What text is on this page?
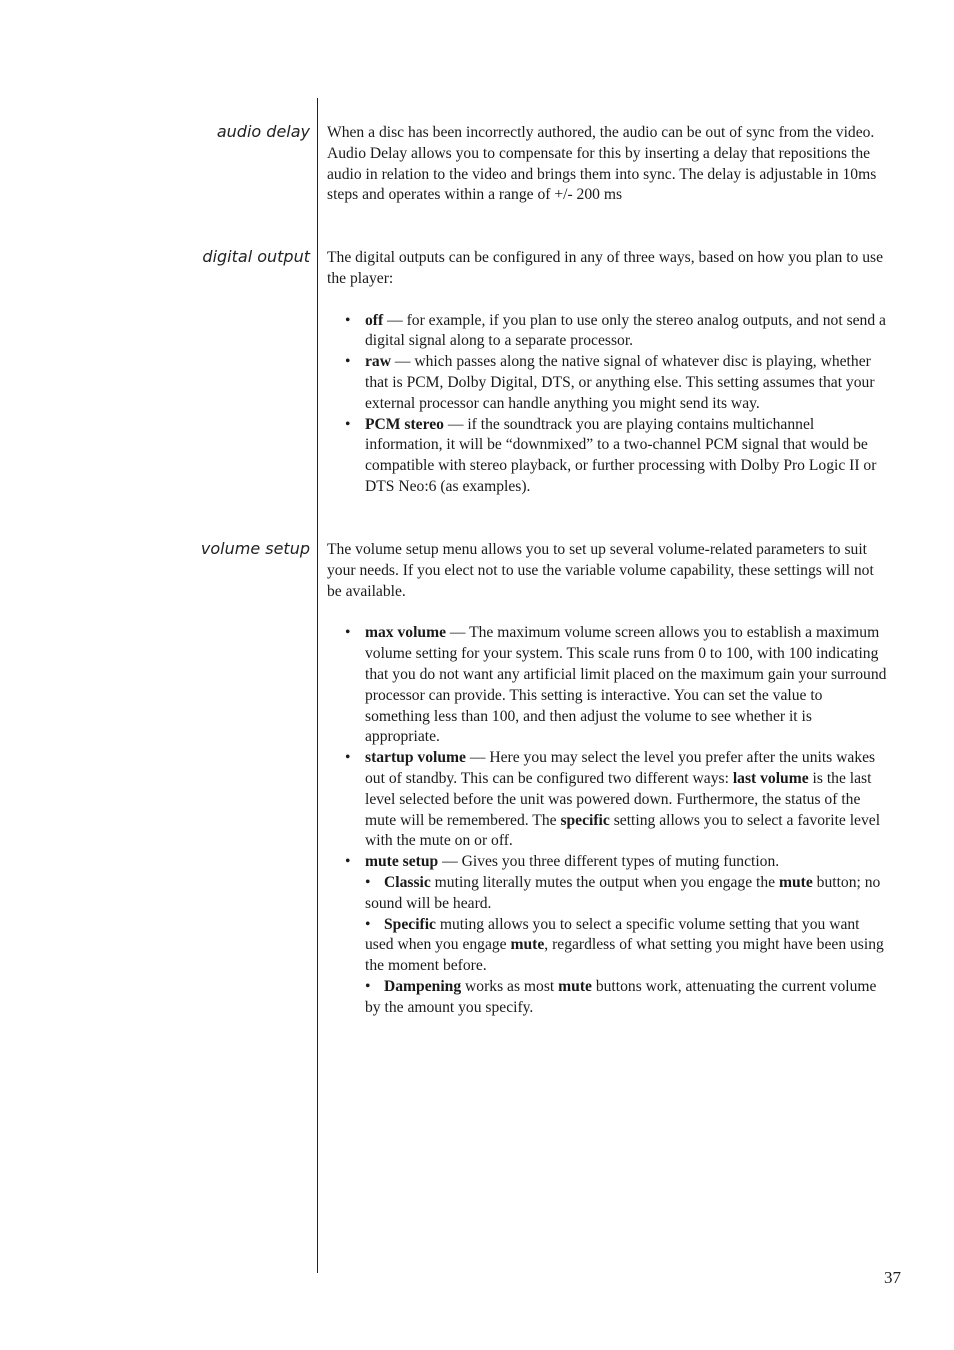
audio delay When a disc has been incorrectly authored, the audio can be out of sync from the video. Audio Delay allows you to compensate for this by inserting a delay that repositions the audio in relation to the video and brings them into sync. The delay is adjustable in 10ms steps and operates within a range of +/- 200 ms

digital output The digital outputs can be configured in any of three ways, based on how you plan to use the player:

• off — for example, if you plan to use only the stereo analog outputs, and not send a digital signal along to a separate processor.
• raw — which passes along the native signal of whatever disc is playing, whether that is PCM, Dolby Digital, DTS, or anything else. This setting assumes that your external processor can handle anything you might send its way.
• PCM stereo — if the soundtrack you are playing contains multichannel information, it will be “downmixed” to a two-channel PCM signal that would be compatible with stereo playback, or further processing with Dolby Pro Logic II or DTS Neo:6 (as examples).
volume setup The volume setup menu allows you to set up several volume-related parameters to suit your needs. If you elect not to use the variable volume capability, these settings will not be available.

• max volume — The maximum volume screen allows you to establish a maximum volume setting for your system. This scale runs from 0 to 100, with 100 indicating that you do not want any artificial limit placed on the maximum gain your surround processor can provide. This setting is interactive. You can set the value to something less than 100, and then adjust the volume to see whether it is appropriate.
• startup volume — Here you may select the level you prefer after the units wakes out of standby. This can be configured two different ways: last volume is the last level selected before the unit was powered down. Furthermore, the status of the mute will be remembered. The specific setting allows you to select a favorite level with the mute on or off.
• mute setup — Gives you three different types of muting function.
• Classic muting literally mutes the output when you engage the mute button; no sound will be heard.
• Specific muting allows you to select a specific volume setting that you want used when you engage mute, regardless of what setting you might have been using the moment before.
• Dampening works as most mute buttons work, attenuating the current volume by the amount you specify.
37
